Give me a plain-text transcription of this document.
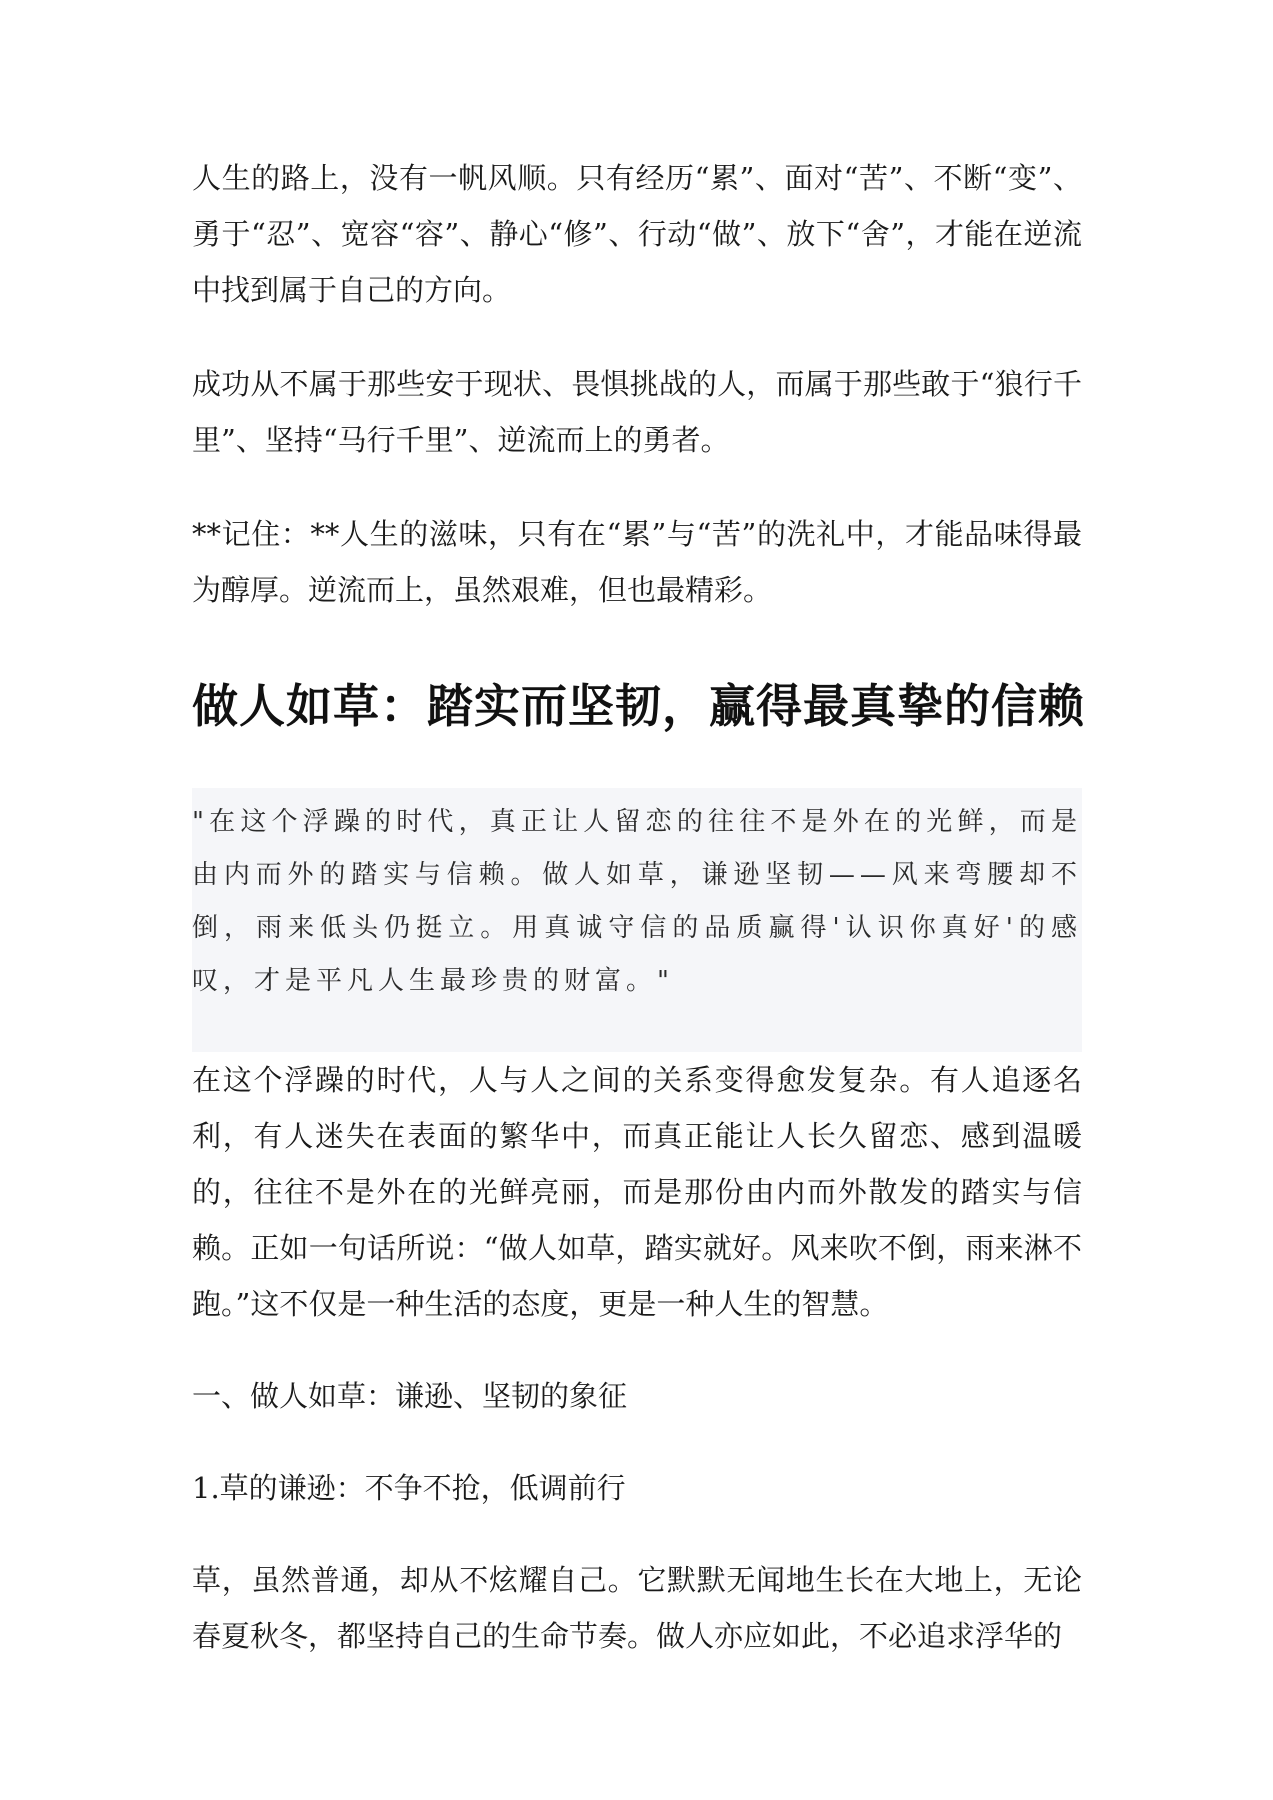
人生的路上，没有一帆风顺。只有经历“累”、面对“苦”、不断“变”、勇于“忍”、宽容“容”、静心“修”、行动“做”、放下“舍”，才能在逆流中找到属于自己的方向。

成功从不属于那些安于现状、畏惧挑战的人，而属于那些敢于“狼行千里”、坚持“马行千里”、逆流而上的勇者。

**记住：**人生的滋味，只有在“累”与“苦”的洗礼中，才能品味得最为醇厚。逆流而上，虽然艰难，但也最精彩。

做人如草：踏实而坚韧，赢得最真挚的信赖

"在这个浮躁的时代，真正让人留恋的往往不是外在的光鲜，而是由内而外的踏实与信赖。做人如草，谦逊坚韧——风来弯腰却不倒，雨来低头仍挺立。用真诚守信的品质赢得'认识你真好'的感叹，才是平凡人生最珍贵的财富。"

在这个浮躁的时代，人与人之间的关系变得愈发复杂。有人追逐名利，有人迷失在表面的繁华中，而真正能让人长久留恋、感到温暖的，往往不是外在的光鲜亮丽，而是那份由内而外散发的踏实与信赖。正如一句话所说：“做人如草，踏实就好。风来吹不倒，雨来淋不跑。”这不仅是一种生活的态度，更是一种人生的智慧。

一、做人如草：谦逊、坚韧的象征

1.草的谦逊：不争不抢，低调前行

草，虽然普通，却从不炫耀自己。它默默无闻地生长在大地上，无论春夏秋冬，都坚持自己的生命节奏。做人亦应如此，不必追求浮华的
